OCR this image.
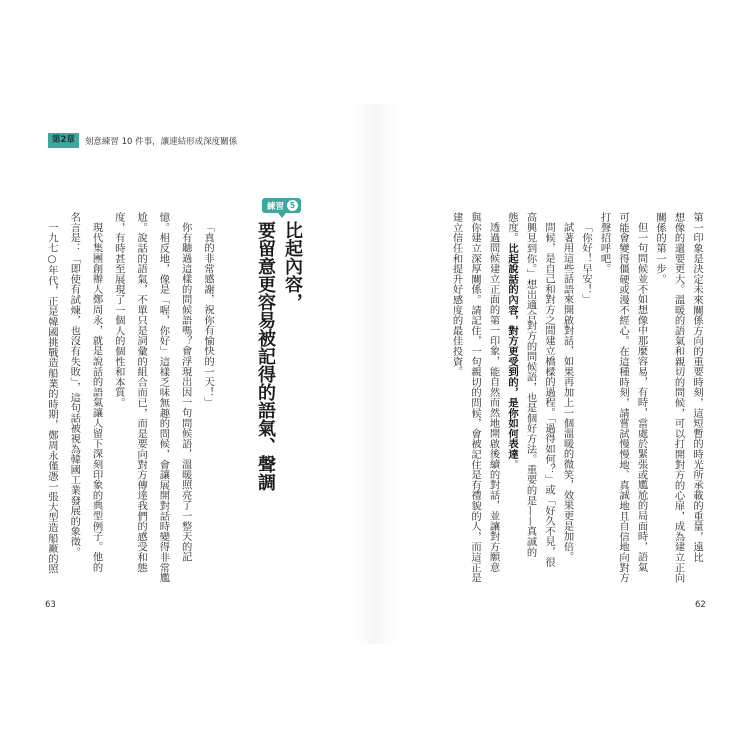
第2章	刻意練習 10 件事，讓連結形成深度關係
練習 5
比起內容，
要留意更容易被記得的語氣、聲調
「真的非常感謝，祝你有愉快的一天！」
你有聽過這樣的問候語嗎？會浮現出因一句問候語，溫暖照亮了一整天的記
憶。相反地，像是「喔，你好」這樣乏味無趣的問候，會讓展開對話時變得非常尷
尬。說話的語氣，不單只是詞彙的組合而已，而是要向對方傳達我們的感受和態
度，有時甚至展現了一個人的個性和本質。
現代集團創辦人鄭周永，就是說話的語氣讓人留下深刻印象的典型例子。他的
名言是：「即使有試煉，也沒有失敗」，這句話被視為韓國工業發展的象徵。
一九七○年代，正是韓國挑戰造船業的時期，鄭周永僅憑一張大型造船廠的照
63
第一印象是決定未來關係方向的重要時刻，這短暫的時光所承載的重量，遠比
想像的還要更大。溫暖的語氣和親切的問候，可以打開對方的心扉，成為建立正向
關係的第一步。
但一句問候並不如想像中那麼容易，有時，當處於緊張或尷尬的局面時，語氣
可能會變得僵硬或漫不經心。在這種時刻，請嘗試慢慢地、真誠地且自信地向對方
打聲招呼吧。
「你好！早安！」
試著用這些話語來開啟對話，如果再加上一個溫暖的微笑，效果更是加倍。
問候，是自己和對方之間建立橋樑的過程。「過得如何？」或「好久不見，很
高興見到你。」想出適合對方的問候語，也是個好方法。重要的是——真誠的
態度。比起說話的內容，對方更受到的，是你如何表達。
透過問候建立正面的第一印象，能自然而然地開啟後續的對話，並讓對方願意
與你建立深厚關係。請記住，一句親切的問候，會被記住是有禮貌的人，而這正是
建立信任和提升好感度的最佳投資。
62
